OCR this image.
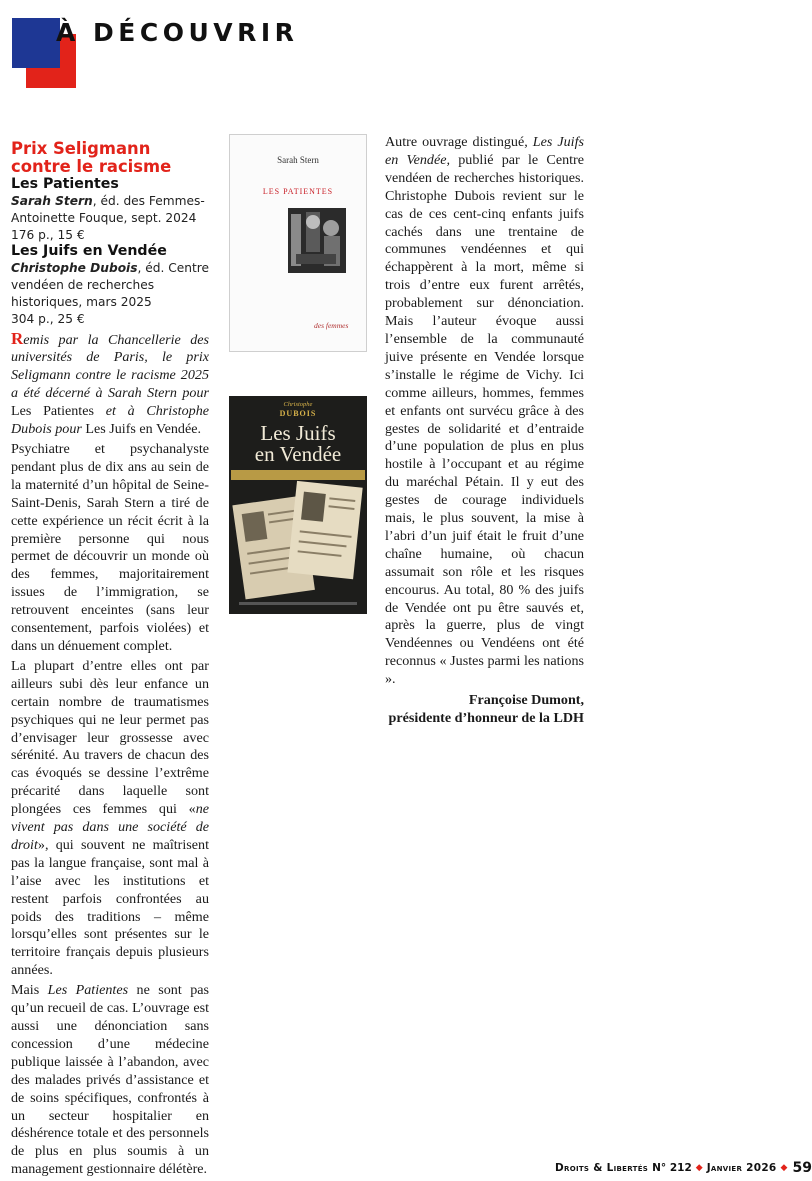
À DÉCOUVRIR
Prix Seligmann
contre le racisme
Les Patientes
Sarah Stern, éd. des Femmes-
Antoinette Fouque, sept. 2024
176 p., 15 €
Les Juifs en Vendée
Christophe Dubois, éd. Centre
vendéen de recherches
historiques, mars 2025
304 p., 25 €

Remis par la Chancellerie des universités de Paris, le prix Seligmann contre le racisme 2025 a été décerné à Sarah Stern pour Les Patientes et à Christophe Dubois pour Les Juifs en Vendée.

Psychiatre et psychanalyste pendant plus de dix ans au sein de la maternité d’un hôpital de Seine-Saint-Denis, Sarah Stern a tiré de cette expérience un récit écrit à la première personne qui nous permet de découvrir un monde où des femmes, majoritairement issues de l’immigration, se retrouvent enceintes (sans leur consentement, parfois violées) et dans un dénuement complet.

La plupart d’entre elles ont par ailleurs subi dès leur enfance un certain nombre de traumatismes psychiques qui ne leur permet pas d’envisager leur grossesse avec sérénité. Au travers de chacun des cas évoqués se dessine l’extrême précarité dans laquelle sont plongées ces femmes qui «ne vivent pas dans une société de droit», qui souvent ne maîtrisent pas la langue française, sont mal à l’aise avec les institutions et restent parfois confrontées au poids des traditions – même lorsqu’elles sont présentes sur le territoire français depuis plusieurs années.

Mais Les Patientes ne sont pas qu’un recueil de cas. L’ouvrage est aussi une dénonciation sans concession d’une médecine publique laissée à l’abandon, avec des malades privés d’assistance et de soins spécifiques, confrontés à un secteur hospitalier en déshérence totale et des personnels de plus en plus soumis à un management gestionnaire délétère.

Sarah Stern
LES PATIENTES
des femmes
Christophe
DUBOIS
Les Juifs
en Vendée

Autre ouvrage distingué, Les Juifs en Vendée, publié par le Centre vendéen de recherches historiques. Christophe Dubois revient sur le cas de ces cent-cinq enfants juifs cachés dans une trentaine de communes vendéennes et qui échappèrent à la mort, même si trois d’entre eux furent arrêtés, probablement sur dénonciation. Mais l’auteur évoque aussi l’ensemble de la communauté juive présente en Vendée lorsque s’installe le régime de Vichy. Ici comme ailleurs, hommes, femmes et enfants ont survécu grâce à des gestes de solidarité et d’entraide d’une population de plus en plus hostile à l’occupant et au régime du maréchal Pétain. Il y eut des gestes de courage individuels mais, le plus souvent, la mise à l’abri d’un juif était le fruit d’une chaîne humaine, où chacun assumait son rôle et les risques encourus. Au total, 80 % des juifs de Vendée ont pu être sauvés et, après la guerre, plus de vingt Vendéennes ou Vendéens ont été reconnus « Justes parmi les nations ».

Françoise Dumont,
présidente d’honneur de la LDH
Droits & Libertés N° 212 ◆ Janvier 2026 ◆ 59
